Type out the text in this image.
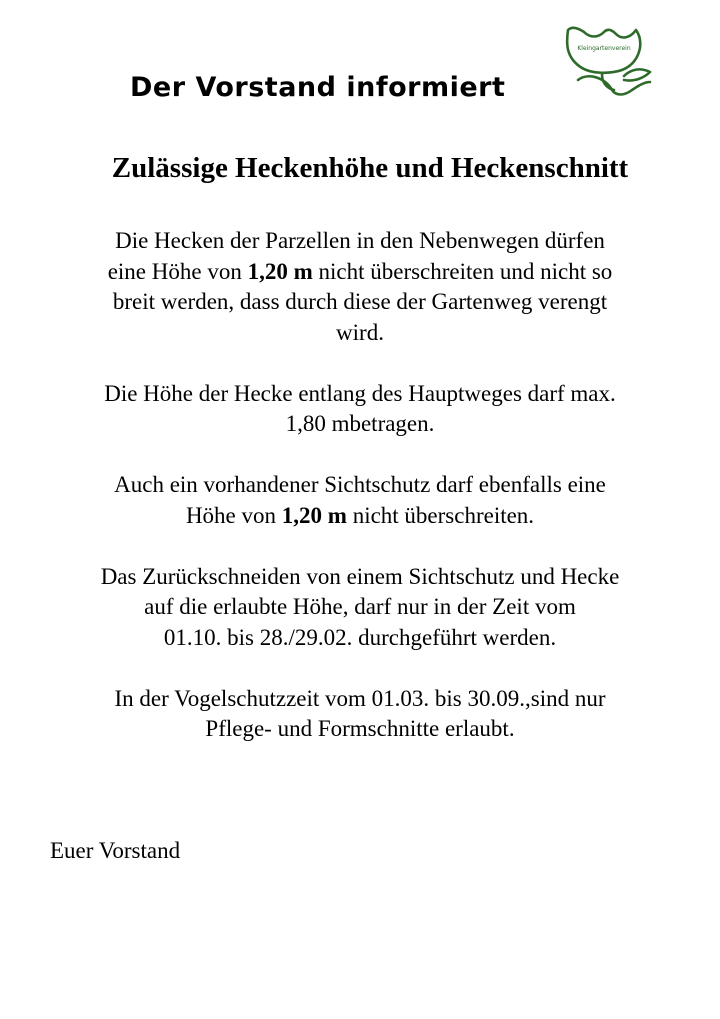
Der Vorstand informiert
Kleingartenverein
Zulässige Heckenhöhe und Heckenschnitt
Die Hecken der Parzellen in den Nebenwegen dürfen
eine Höhe von 1,20 m nicht überschreiten und nicht so
breit werden, dass durch diese der Gartenweg verengt
wird.
Die Höhe der Hecke entlang des Hauptweges darf max.
1,80 mbetragen.
Auch ein vorhandener Sichtschutz darf ebenfalls eine
Höhe von 1,20 m nicht überschreiten.
Das Zurückschneiden von einem Sichtschutz und Hecke
auf die erlaubte Höhe, darf nur in der Zeit vom
01.10. bis 28./29.02. durchgeführt werden.
In der Vogelschutzzeit vom 01.03. bis 30.09.,sind nur
Pflege- und Formschnitte erlaubt.
Euer Vorstand
